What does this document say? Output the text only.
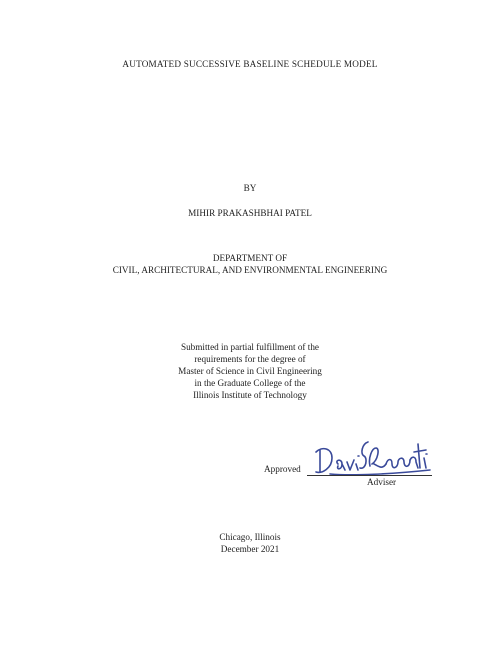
AUTOMATED SUCCESSIVE BASELINE SCHEDULE MODEL
BY
MIHIR PRAKASHBHAI PATEL
DEPARTMENT OF
CIVIL, ARCHITECTURAL, AND ENVIRONMENTAL ENGINEERING
Submitted in partial fulfillment of the
requirements for the degree of
Master of Science in Civil Engineering
in the Graduate College of the
Illinois Institute of Technology
Approved
Adviser
Chicago, Illinois
December 2021
